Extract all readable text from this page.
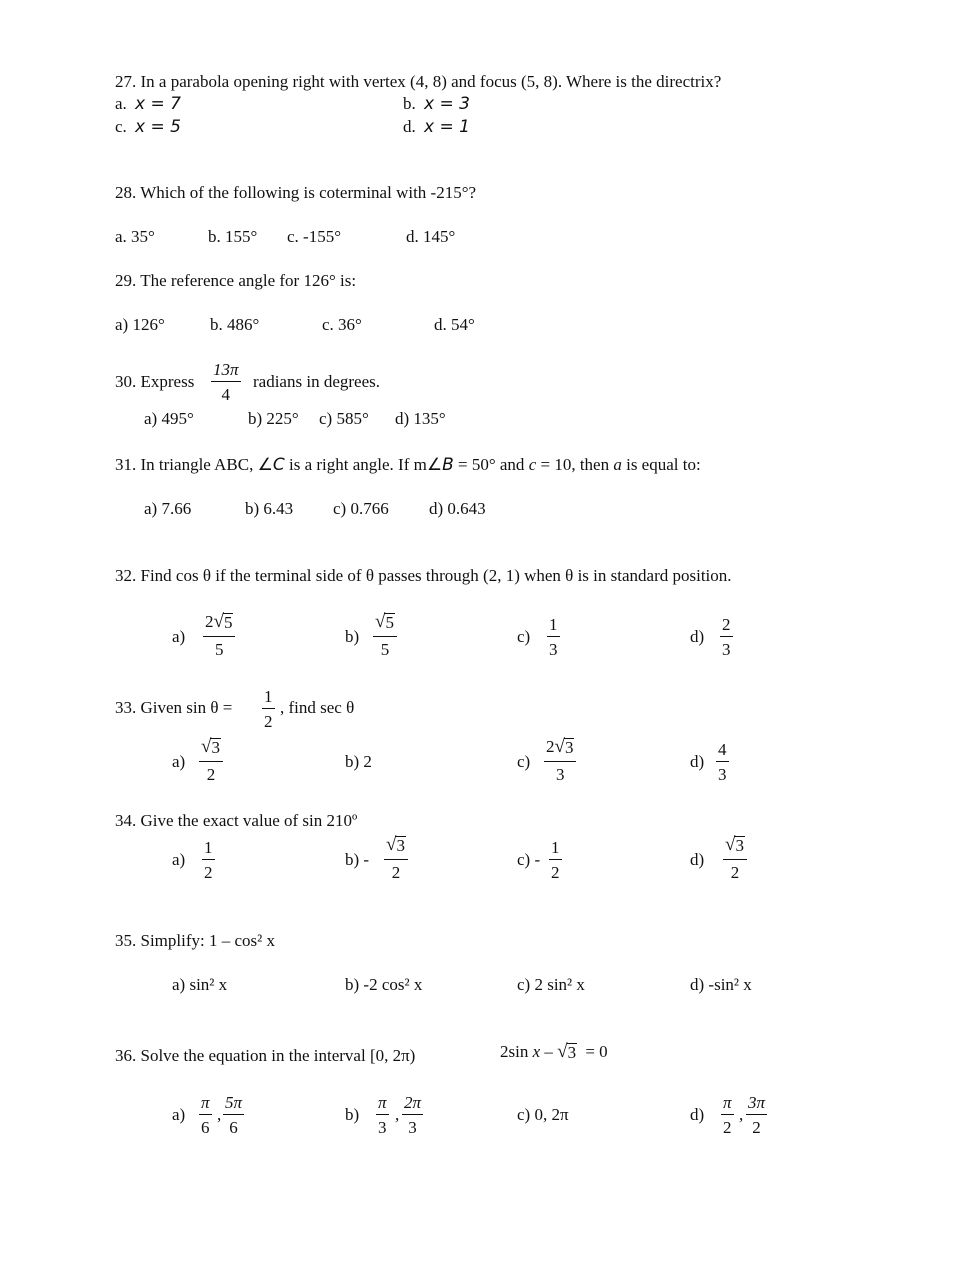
27. In a parabola opening right with vertex (4, 8) and focus (5, 8). Where is the directrix?
a. x = 7	b. x = 3
c. x = 5	d. x = 1
28. Which of the following is coterminal with -215°?
a. 35°	b. 155° c. -155°	d. 145°
29. The reference angle for 126° is:
a) 126°	b. 486°	c. 36°	d. 54°
30. Express $\frac{13\pi}{4}$ radians in degrees.
a) 495°	b) 225° c) 585° d) 135°
31. In triangle ABC, ∠C is a right angle. If m∠B = 50° and c = 10, then a is equal to:
a) 7.66	b) 6.43 c) 0.766 d) 0.643
32. Find cos θ if the terminal side of θ passes through (2, 1) when θ is in standard position.
$a) \frac{2 √ 5}{5}$	$b) \frac{√ 5}{5}$	$c) \frac{1}{3}$	$d) \frac{2}{3}$
33. Given $\sin \theta = \frac{1}{2}$ , find sec θ
$a) \frac{√ 3}{2}$	b) 2	$c) \frac{2 √ 3}{3}$	$d) \frac{4}{3}$
34. Give the exact value of sin 210º
$a) \frac{1}{2}$	$b) - \frac{√ 3}{2}$	$c) - \frac{1}{2}$	$d) \frac{√ 3}{2}$
35. Simplify: 1 – cos² x
a) sin² x	b) -2 cos² x	c) 2 sin² x	d) -sin² x
36. Solve the equation in the interval [0, 2π)	2sin x – √ 3 = 0
$a) \frac{\pi}{6}$ , $\frac{5\pi}{6}$	$b) \frac{\pi}{3}$ , $\frac{2\pi}{3}$	c) 0, 2π	$d) \frac{\pi}{2}$ , $\frac{3\pi}{2}$
